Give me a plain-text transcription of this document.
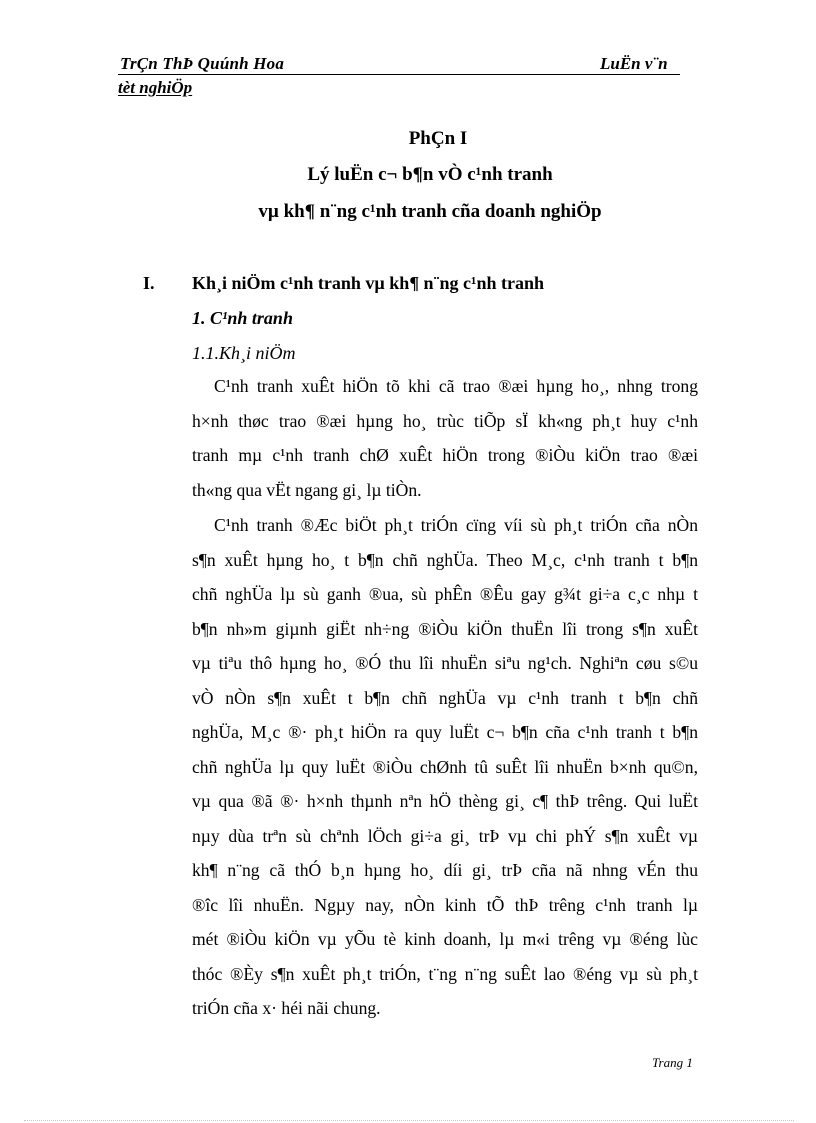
TrÇn ThÞ Quúnh Hoa	LuËn v¨n
tèt nghiÖp
PhÇn I
Lý luËn c¬ b¶n vÒ c¹nh tranh
vµ kh¶ n¨ng c¹nh tranh cña doanh nghiÖp
I. Kh¸i niÖm c¹nh tranh vµ kh¶ n¨ng c¹nh tranh
1. C¹nh tranh
1.1.Kh¸i niÖm
C¹nh tranh xuÊt hiÖn tõ khi cã trao ®æi hµng ho¸, nhng trong
h×nh thøc trao ®æi hµng ho¸ trùc tiÕp sÏ kh«ng ph¸t huy c¹nh
tranh mµ c¹nh tranh chØ xuÊt hiÖn trong ®iÒu kiÖn trao ®æi
th«ng qua vËt ngang gi¸ lµ tiÒn.
C¹nh tranh ®Æc biÖt ph¸t triÓn cïng víi sù ph¸t triÓn cña nÒn
s¶n xuÊt hµng ho¸ t b¶n chñ nghÜa. Theo M¸c, c¹nh tranh t b¶n
chñ nghÜa lµ sù ganh ®ua, sù phÊn ®Êu gay g¾t gi÷a c¸c nhµ t
b¶n nh»m giµnh giËt nh÷ng ®iÒu kiÖn thuËn lîi trong s¶n xuÊt
vµ tiªu thô hµng ho¸ ®Ó thu lîi nhuËn siªu ng¹ch. Nghiªn cøu s©u
vÒ nÒn s¶n xuÊt t b¶n chñ nghÜa vµ c¹nh tranh t b¶n chñ
nghÜa, M¸c ®· ph¸t hiÖn ra quy luËt c¬ b¶n cña c¹nh tranh t b¶n
chñ nghÜa lµ quy luËt ®iÒu chØnh tû suÊt lîi nhuËn b×nh qu©n,
vµ qua ®ã ®· h×nh thµnh nªn hÖ thèng gi¸ c¶ thÞ trêng. Qui luËt
nµy dùa trªn sù chªnh lÖch gi÷a gi¸ trÞ vµ chi phÝ s¶n xuÊt vµ
kh¶ n¨ng cã thÓ b¸n hµng ho¸ díi gi¸ trÞ cña nã nhng vÉn thu
®îc lîi nhuËn. Ngµy nay, nÒn kinh tÕ thÞ trêng c¹nh tranh lµ
mét ®iÒu kiÖn vµ yÕu tè kinh doanh, lµ m«i trêng vµ ®éng lùc
thóc ®Èy s¶n xuÊt ph¸t triÓn, t¨ng n¨ng suÊt lao ®éng vµ sù ph¸t
triÓn cña x· héi nãi chung.
Trang 1
